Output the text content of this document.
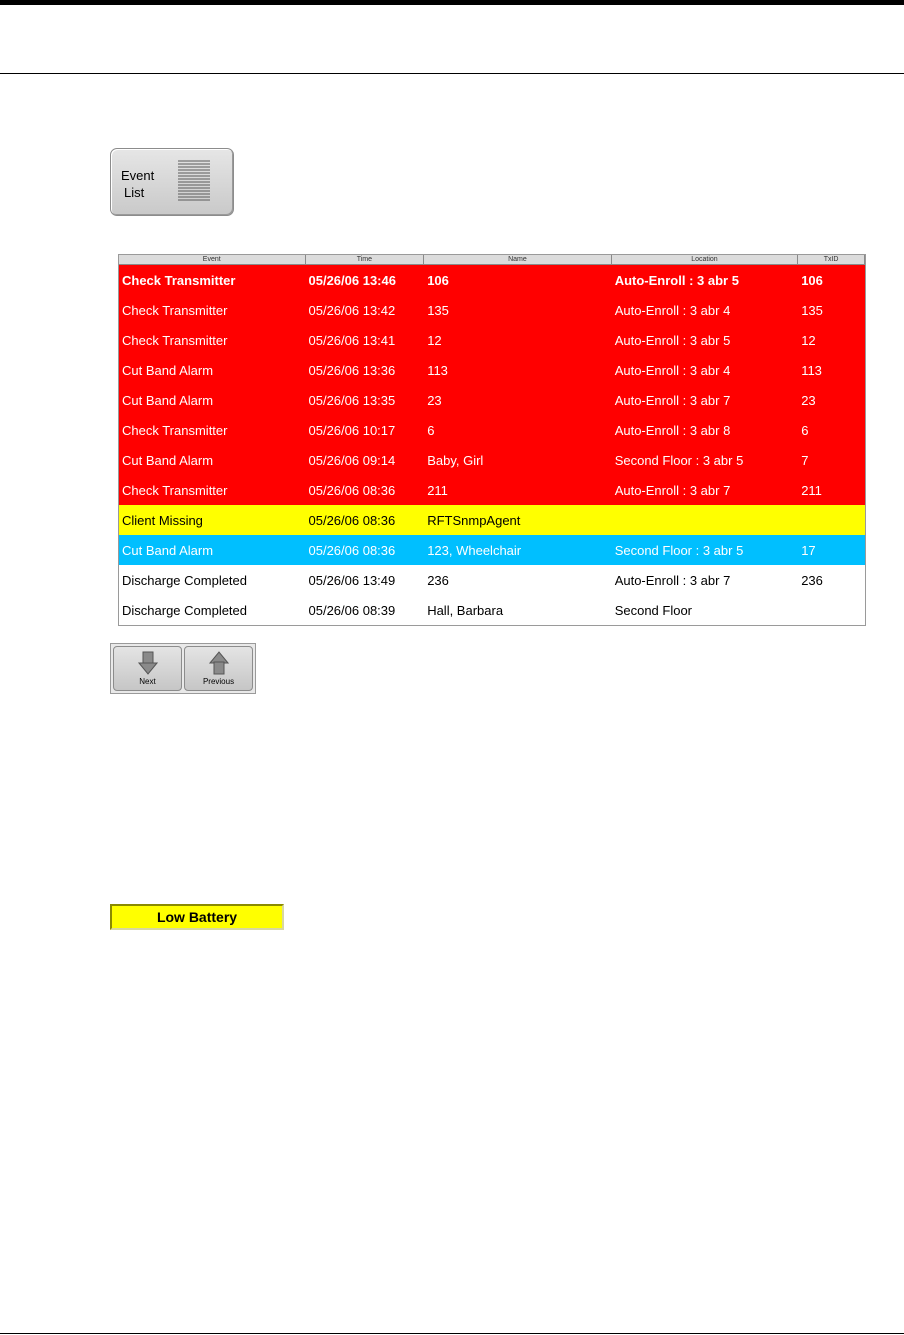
Event
List
Event	Time	Name	Location	TxID
Check Transmitter	05/26/06 13:46	106	Auto-Enroll : 3 abr 5	106
Check Transmitter	05/26/06 13:42	135	Auto-Enroll : 3 abr 4	135
Check Transmitter	05/26/06 13:41	12	Auto-Enroll : 3 abr 5	12
Cut Band Alarm	05/26/06 13:36	113	Auto-Enroll : 3 abr 4	113
Cut Band Alarm	05/26/06 13:35	23	Auto-Enroll : 3 abr 7	23
Check Transmitter	05/26/06 10:17	6	Auto-Enroll : 3 abr 8	6
Cut Band Alarm	05/26/06 09:14	Baby, Girl	Second Floor : 3 abr 5	7
Check Transmitter	05/26/06 08:36	211	Auto-Enroll : 3 abr 7	211
Client Missing	05/26/06 08:36	RFTSnmpAgent
Cut Band Alarm	05/26/06 08:36	123, Wheelchair	Second Floor : 3 abr 5	17
Discharge Completed	05/26/06 13:49	236	Auto-Enroll : 3 abr 7	236
Discharge Completed	05/26/06 08:39	Hall, Barbara	Second Floor
Next	Previous
Low Battery
